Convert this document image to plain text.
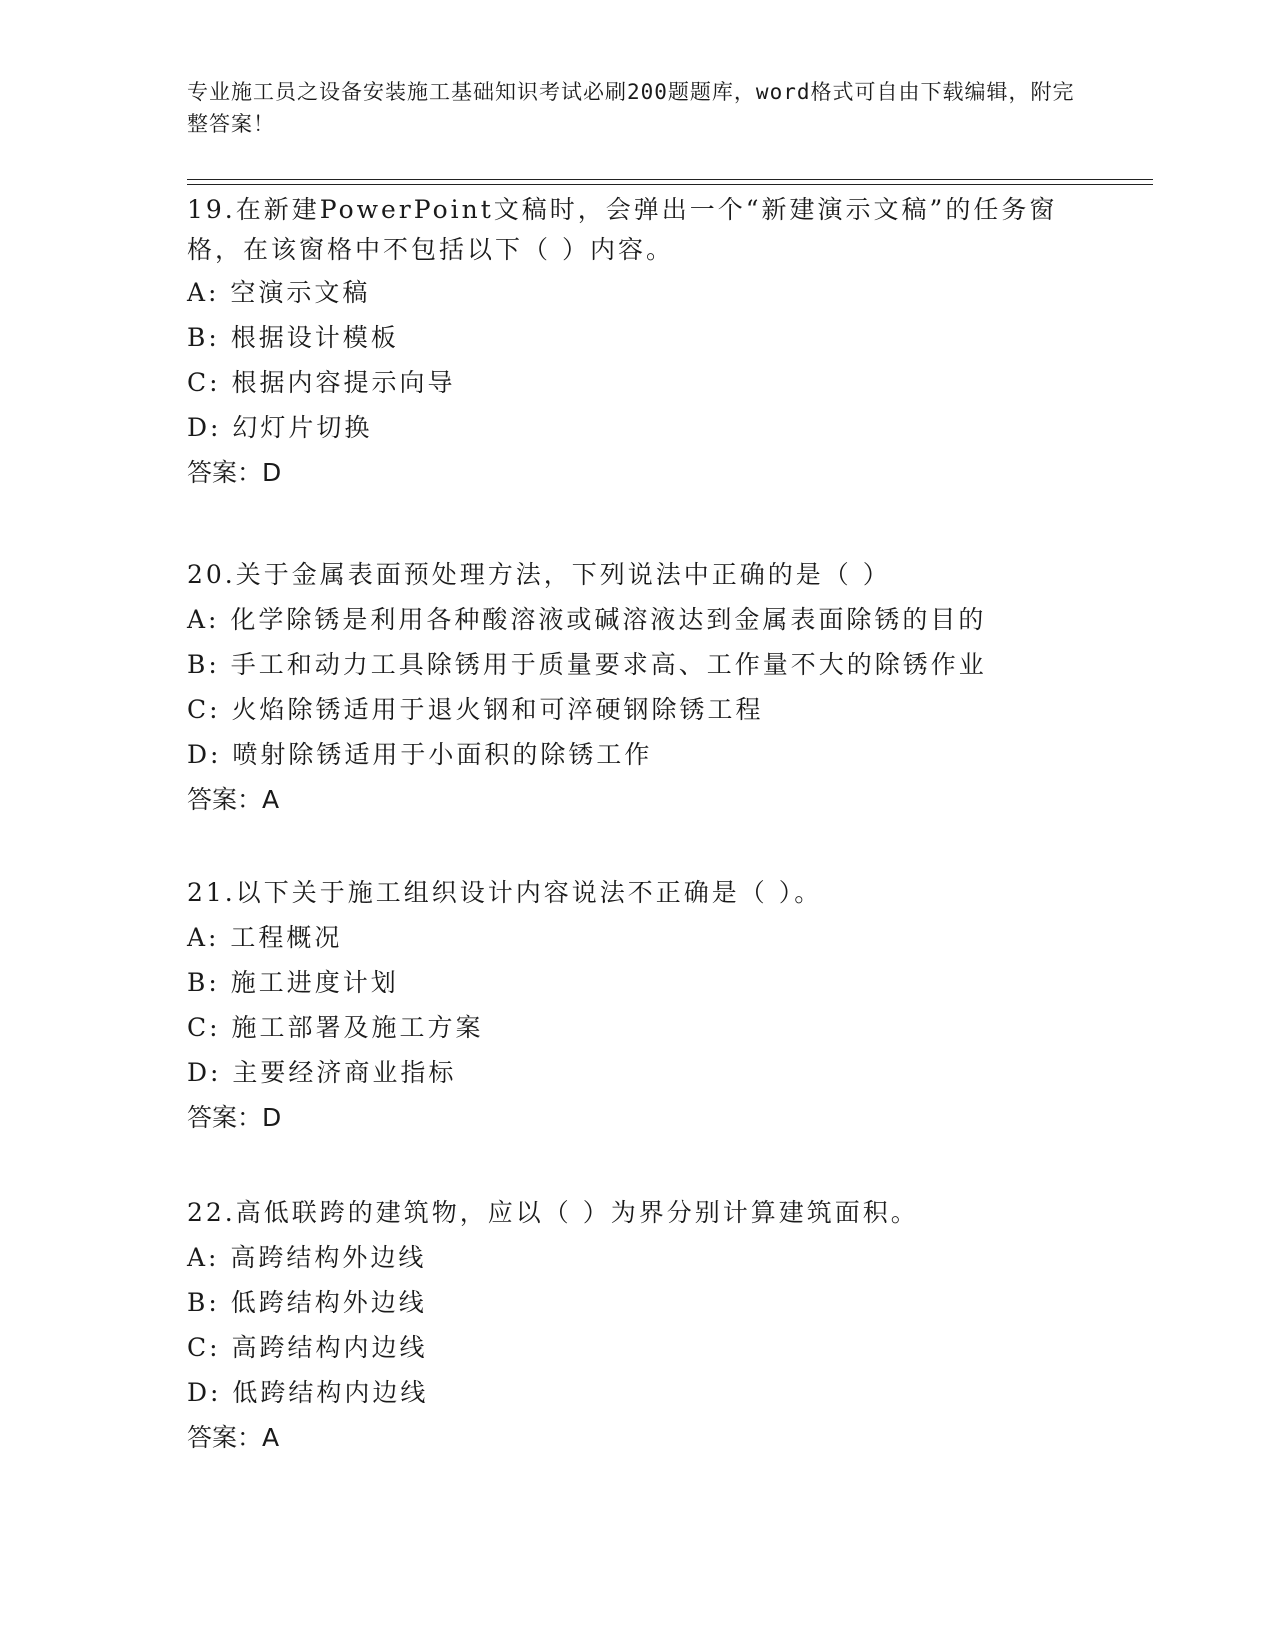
专业施工员之设备安装施工基础知识考试必刷200题题库，word格式可自由下载编辑，附完整答案！

19.在新建PowerPoint文稿时，会弹出一个“新建演示文稿”的任务窗格，在该窗格中不包括以下（ ）内容。

A: 空演示文稿
B: 根据设计模板
C: 根据内容提示向导
D: 幻灯片切换
答案：D

20.关于金属表面预处理方法，下列说法中正确的是（ ）

A: 化学除锈是利用各种酸溶液或碱溶液达到金属表面除锈的目的
B: 手工和动力工具除锈用于质量要求高、工作量不大的除锈作业
C: 火焰除锈适用于退火钢和可淬硬钢除锈工程
D: 喷射除锈适用于小面积的除锈工作
答案：A

21.以下关于施工组织设计内容说法不正确是（ ）。

A: 工程概况
B: 施工进度计划
C: 施工部署及施工方案
D: 主要经济商业指标
答案：D

22.高低联跨的建筑物，应以（ ）为界分别计算建筑面积。

A: 高跨结构外边线
B: 低跨结构外边线
C: 高跨结构内边线
D: 低跨结构内边线
答案：A
